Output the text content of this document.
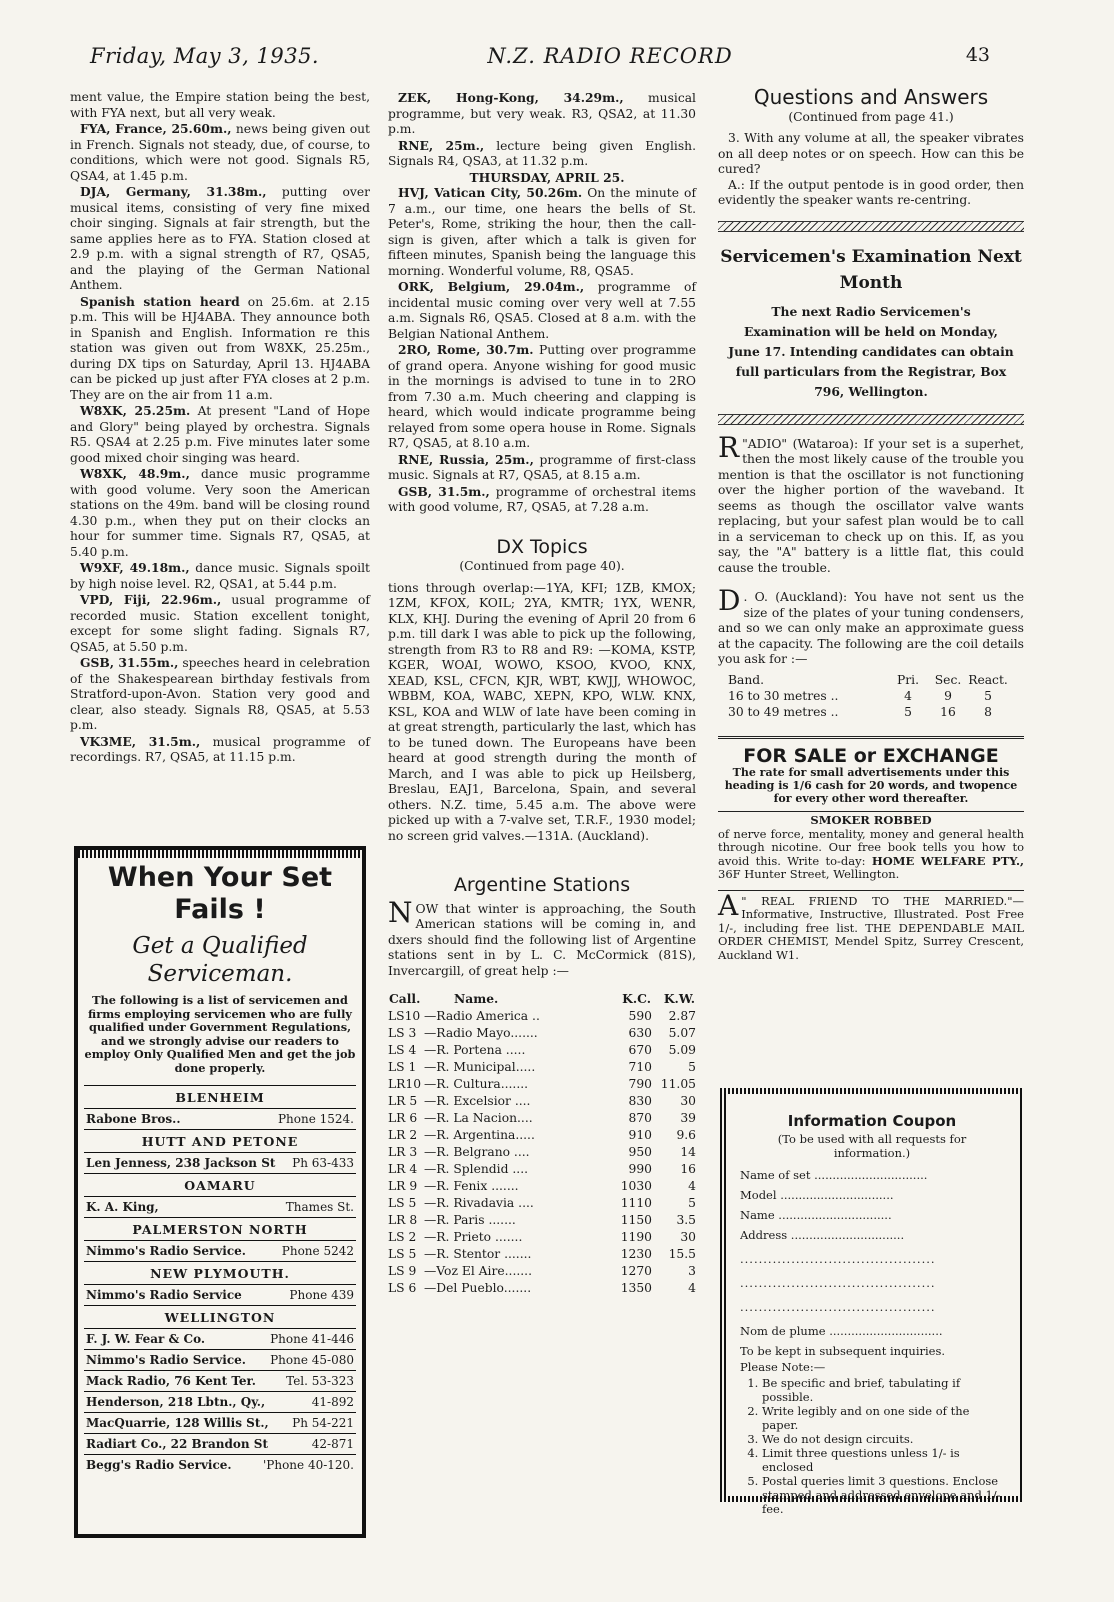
Friday, May 3, 1935.	N.Z. RADIO RECORD	43

ment value, the Empire station being the best, with FYA next, but all very weak.

FYA, France, 25.60m., news being given out in French. Signals not steady, due, of course, to conditions, which were not good. Signals R5, QSA4, at 1.45 p.m.

DJA, Germany, 31.38m., putting over musical items, consisting of very fine mixed choir singing. Signals at fair strength, but the same applies here as to FYA. Station closed at 2.9 p.m. with a signal strength of R7, QSA5, and the playing of the German National Anthem.

Spanish station heard on 25.6m. at 2.15 p.m. This will be HJ4ABA. They announce both in Spanish and English. Information re this station was given out from W8XK, 25.25m., during DX tips on Saturday, April 13. HJ4ABA can be picked up just after FYA closes at 2 p.m. They are on the air from 11 a.m.

W8XK, 25.25m. At present "Land of Hope and Glory" being played by orchestra. Signals R5. QSA4 at 2.25 p.m. Five minutes later some good mixed choir singing was heard.

W8XK, 48.9m., dance music programme with good volume. Very soon the American stations on the 49m. band will be closing round 4.30 p.m., when they put on their clocks an hour for summer time. Signals R7, QSA5, at 5.40 p.m.

W9XF, 49.18m., dance music. Signals spoilt by high noise level. R2, QSA1, at 5.44 p.m.

VPD, Fiji, 22.96m., usual programme of recorded music. Station excellent tonight, except for some slight fading. Signals R7, QSA5, at 5.50 p.m.

GSB, 31.55m., speeches heard in celebration of the Shakespearean birthday festivals from Stratford-upon-Avon. Station very good and clear, also steady. Signals R8, QSA5, at 5.53 p.m.

VK3ME, 31.5m., musical programme of recordings. R7, QSA5, at 11.15 p.m.

When Your Set Fails !
Get a Qualified Serviceman.
The following is a list of servicemen and firms employing servicemen who are fully qualified under Government Regulations, and we strongly advise our readers to employ Only Qualified Men and get the job done properly.
BLENHEIM
Rabone Bros..	Phone 1524.
HUTT AND PETONE
Len Jenness, 238 Jackson St Ph 63-433
OAMARU
K. A. King,	Thames St.
PALMERSTON NORTH
Nimmo's Radio Service.	Phone 5242
NEW PLYMOUTH.
Nimmo's Radio Service	Phone 439
WELLINGTON
F. J. W. Fear & Co.	Phone 41-446
Nimmo's Radio Service. Phone 45-080
Mack Radio, 76 Kent Ter.	Tel. 53-323
Henderson, 218 Lbtn., Qy.,	41-892
MacQuarrie, 128 Willis St., Ph 54-221
Radiart Co., 22 Brandon St	42-871
Begg's Radio Service.	'Phone 40-120.

ZEK, Hong-Kong, 34.29m., musical programme, but very weak. R3, QSA2, at 11.30 p.m.

RNE, 25m., lecture being given English. Signals R4, QSA3, at 11.32 p.m.

THURSDAY, APRIL 25.

HVJ, Vatican City, 50.26m. On the minute of 7 a.m., our time, one hears the bells of St. Peter's, Rome, striking the hour, then the call-sign is given, after which a talk is given for fifteen minutes, Spanish being the language this morning. Wonderful volume, R8, QSA5.

ORK, Belgium, 29.04m., programme of incidental music coming over very well at 7.55 a.m. Signals R6, QSA5. Closed at 8 a.m. with the Belgian National Anthem.

2RO, Rome, 30.7m. Putting over programme of grand opera. Anyone wishing for good music in the mornings is advised to tune in to 2RO from 7.30 a.m. Much cheering and clapping is heard, which would indicate programme being relayed from some opera house in Rome. Signals R7, QSA5, at 8.10 a.m.

RNE, Russia, 25m., programme of first-class music. Signals at R7, QSA5, at 8.15 a.m.

GSB, 31.5m., programme of orchestral items with good volume, R7, QSA5, at 7.28 a.m.

DX Topics
(Continued from page 40).

tions through overlap:—1YA, KFI; 1ZB, KMOX; 1ZM, KFOX, KOIL; 2YA, KMTR; 1YX, WENR, KLX, KHJ. During the evening of April 20 from 6 p.m. till dark I was able to pick up the following, strength from R3 to R8 and R9: —KOMA, KSTP, KGER, WOAI, WOWO, KSOO, KVOO, KNX, XEAD, KSL, CFCN, KJR, WBT, KWJJ, WHOWOC, WBBM, KOA, WABC, XEPN, KPO, WLW. KNX, KSL, KOA and WLW of late have been coming in at great strength, particularly the last, which has to be tuned down. The Europeans have been heard at good strength during the month of March, and I was able to pick up Heilsberg, Breslau, EAJ1, Barcelona, Spain, and several others. N.Z. time, 5.45 a.m. The above were picked up with a 7-valve set, T.R.F., 1930 model; no screen grid valves.—131A. (Auckland).

Argentine Stations

NOW that winter is approaching, the South American stations will be coming in, and dxers should find the following list of Argentine stations sent in by L. C. McCormick (81S), Invercargill, of great help :—

Call.	Name.	K.C.	K.W.
LS10	—Radio America ..	590	2.87
LS 3	—Radio Mayo.......	630	5.07
LS 4	—R. Portena .....	670	5.09
LS 1	—R. Municipal.....	710	5
LR10	—R. Cultura.......	790	11.05
LR 5	—R. Excelsior ....	830	30
LR 6	—R. La Nacion....	870	39
LR 2	—R. Argentina.....	910	9.6
LR 3	—R. Belgrano ....	950	14
LR 4	—R. Splendid ....	990	16
LR 9	—R. Fenix .......	1030	4
LS 5	—R. Rivadavia ....	1110	5
LR 8	—R. Paris .......	1150	3.5
LS 2	—R. Prieto .......	1190	30
LS 5	—R. Stentor .......	1230	15.5
LS 9	—Voz El Aire.......	1270	3
LS 6	—Del Pueblo.......	1350	4
Questions and Answers
(Continued from page 41.)

3. With any volume at all, the speaker vibrates on all deep notes or on speech. How can this be cured?

A.: If the output pentode is in good order, then evidently the speaker wants re-centring.

Servicemen's Examination Next Month

The next Radio Servicemen's Examination will be held on Monday, June 17. Intending candidates can obtain full particulars from the Registrar, Box 796, Wellington.

"
R ADIO" (Wataroa): If your set is a superhet, then the most likely cause of the trouble you mention is that the oscillator is not functioning over the higher portion of the waveband. It seems as though the oscillator valve wants replacing, but your safest plan would be to call in a serviceman to check up on this. If, as you say, the "A" battery is a little flat, this could cause the trouble.

D . O. (Auckland): You have not sent us the size of the plates of your tuning condensers, and so we can only make an approximate guess at the capacity. The following are the coil details you ask for :—

Band.	Pri.	Sec.	React.
16 to 30 metres ..	4	9	5
30 to 49 metres ..	5	16	8
FOR SALE or EXCHANGE
The rate for small advertisements under this heading is 1/6 cash for 20 words, and twopence for every other word thereafter.
SMOKER ROBBED

of nerve force, mentality, money and general health through nicotine. Our free book tells you how to avoid this. Write to-day: HOME WELFARE PTY., 36F Hunter Street, Wellington.

"
A REAL FRIEND TO THE MARRIED."—Informative, Instructive, Illustrated. Post Free 1/-, including free list. THE DEPENDABLE MAIL ORDER CHEMIST, Mendel Spitz, Surrey Crescent, Auckland W1.

Information Coupon
(To be used with all requests for information.)
Name of set ...............................
Model ...............................
Name ...............................
Address ...............................
..........................................
..........................................
..........................................
Nom de plume ...............................
To be kept in subsequent inquiries.
Please Note:—
1. Be specific and brief, tabulating if possible.
2. Write legibly and on one side of the paper.
3. We do not design circuits.
4. Limit three questions unless 1/- is enclosed
5. Postal queries limit 3 questions. Enclose stamped and addressed envelope and 1/- fee.
